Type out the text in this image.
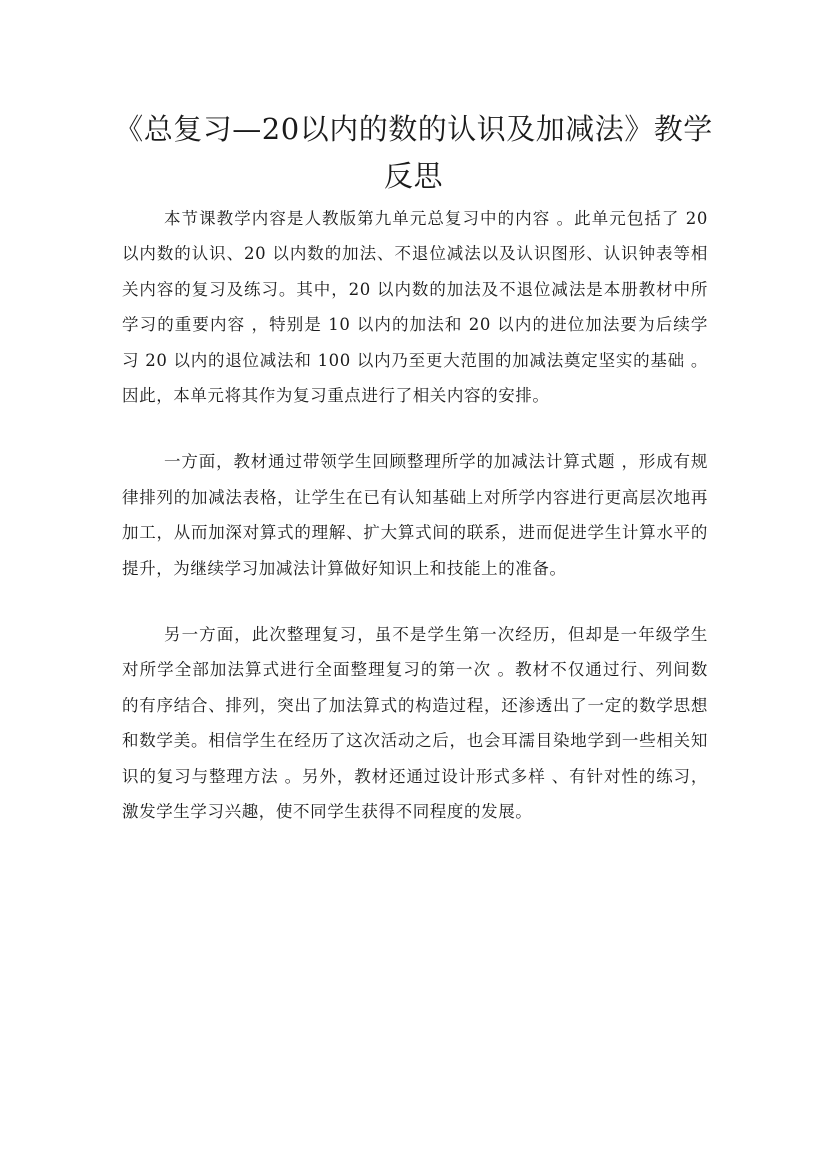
《总复习—20以内的数的认识及加减法》教学反思

本节课教学内容是人教版第九单元总复习中的内容 。此单元包括了 20 以内数的认识、20 以内数的加法、不退位减法以及认识图形、认识钟表等相关内容的复习及练习。其中，20 以内数的加法及不退位减法是本册教材中所学习的重要内容 ，特别是 10 以内的加法和 20 以内的进位加法要为后续学习 20 以内的退位减法和 100 以内乃至更大范围的加减法奠定坚实的基础 。因此，本单元将其作为复习重点进行了相关内容的安排。

一方面，教材通过带领学生回顾整理所学的加减法计算式题 ，形成有规律排列的加减法表格，让学生在已有认知基础上对所学内容进行更高层次地再加工，从而加深对算式的理解、扩大算式间的联系，进而促进学生计算水平的提升，为继续学习加减法计算做好知识上和技能上的准备。

另一方面，此次整理复习，虽不是学生第一次经历，但却是一年级学生对所学全部加法算式进行全面整理复习的第一次 。教材不仅通过行、列间数的有序结合、排列，突出了加法算式的构造过程，还渗透出了一定的数学思想和数学美。相信学生在经历了这次活动之后，也会耳濡目染地学到一些相关知识的复习与整理方法 。另外，教材还通过设计形式多样 、有针对性的练习，激发学生学习兴趣，使不同学生获得不同程度的发展。
